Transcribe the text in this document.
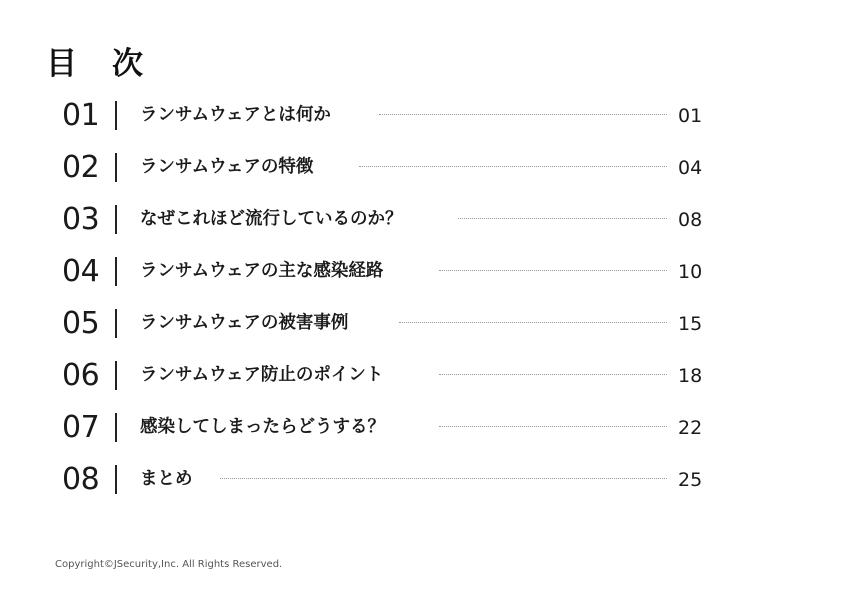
目　次
01	ランサムウェアとは何か	01
02	ランサムウェアの特徴	04
03	なぜこれほど流行しているのか？	08
04	ランサムウェアの主な感染経路	10
05	ランサムウェアの被害事例	15
06	ランサムウェア防止のポイント	18
07	感染してしまったらどうする？	22
08	まとめ	25
Copyright©JSecurity,Inc. All Rights Reserved.
